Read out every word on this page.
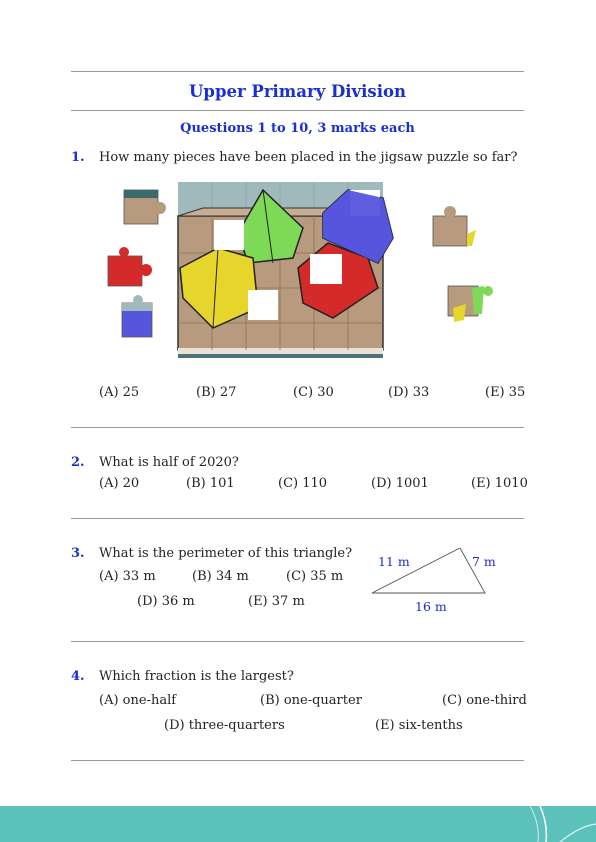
Upper Primary Division
Questions 1 to 10, 3 marks each
1. How many pieces have been placed in the jigsaw puzzle so far?
(A) 25	(B) 27	(C) 30	(D) 33	(E) 35
2. What is half of 2020?
(A) 20	(B) 101	(C) 110	(D) 1001	(E) 1010
3. What is the perimeter of this triangle?
(A) 33 m	(B) 34 m	(C) 35 m
(D) 36 m	(E) 37 m
11 m	7 m
16 m
4. Which fraction is the largest?
(A) one-half	(B) one-quarter	(C) one-third
(D) three-quarters	(E) six-tenths
